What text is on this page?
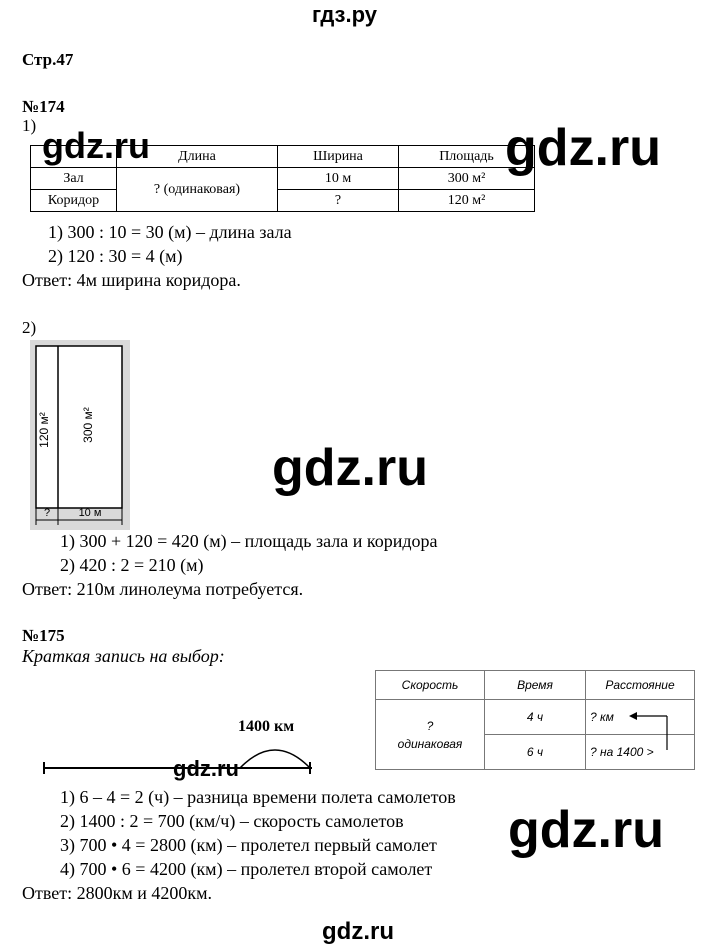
гдз.ру
Стр.47
№174
1)
	Длина	Ширина	Площадь
Зал	? (одинаковая)	10 м	300 м²
Коридор		?	120 м²
1) 300 : 10 = 30 (м) – длина зала
2) 120 : 30 = 4 (м)
Ответ: 4м ширина коридора.
2)
120 м²	300 м²
?	10 м
1) 300 + 120 = 420 (м) – площадь зала и коридора
2) 420 : 2 = 210 (м)
Ответ: 210м линолеума потребуется.
№175
Краткая запись на выбор:
Скорость	Время	Расстояние

?
одинаковая	4 ч	? км
	6 ч	? на 1400 >
1400 км
1) 6 – 4 = 2 (ч) – разница времени полета самолетов
2) 1400 : 2 = 700 (км/ч) – скорость самолетов
3) 700 • 4 = 2800 (км) – пролетел первый самолет
4) 700 • 6 = 4200 (км) – пролетел второй самолет
Ответ: 2800км и 4200км.
gdz.ru	gdz.ru
gdz.ru
gdz.ru
gdz.ru
gdz.ru
